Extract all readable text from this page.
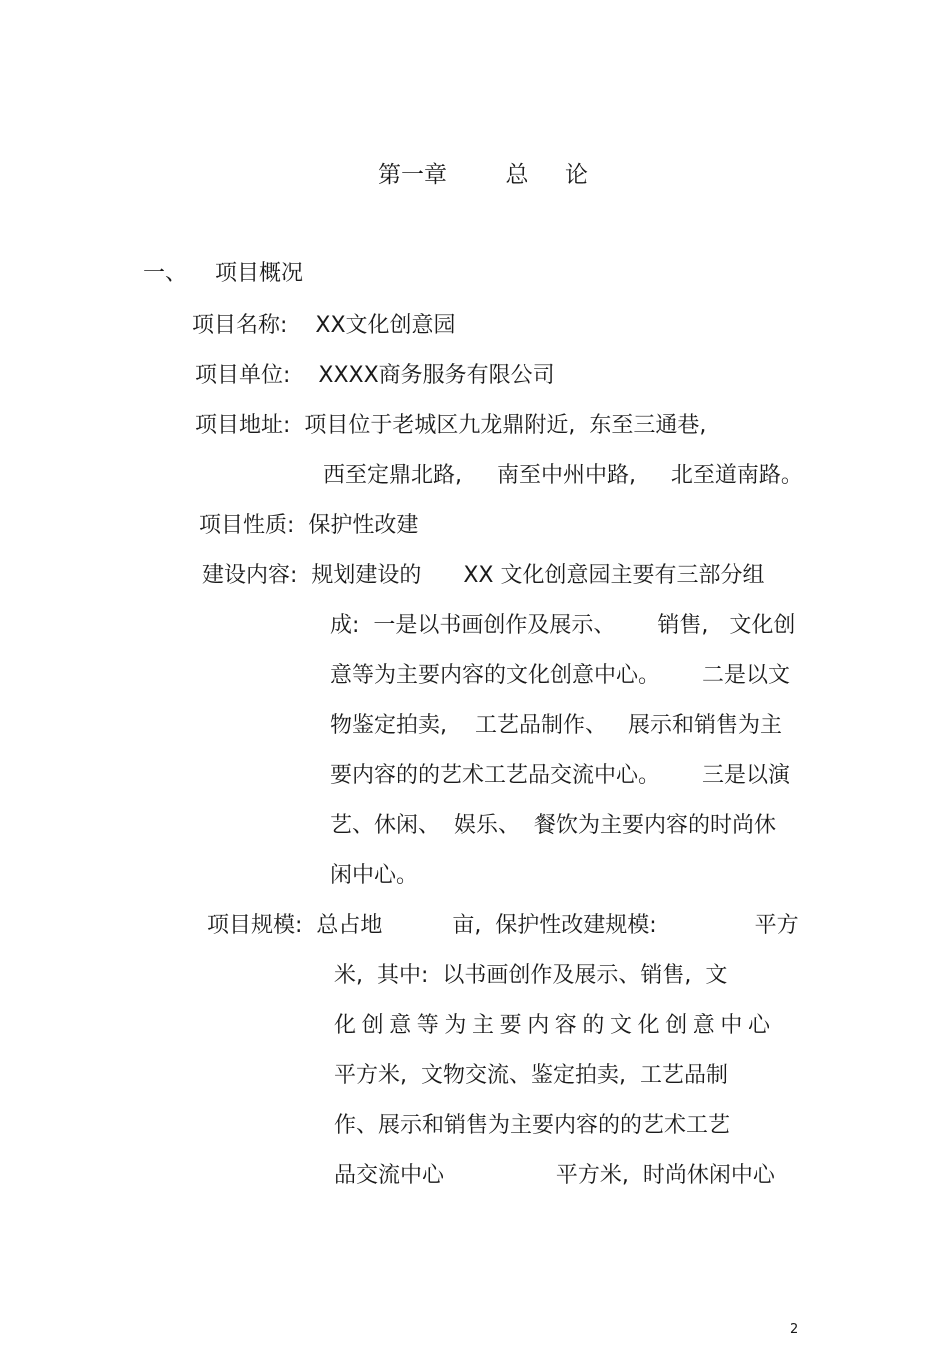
第一章        总     论
一、    项目概况
项目名称:    XX文化创意园
项目单位:    XXXX商务服务有限公司
项目地址:  项目位于老城区九龙鼎附近,  东至三通巷,
西至定鼎北路,     南至中州中路,     北至道南路。
项目性质:  保护性改建
建设内容:  规划建设的      XX 文化创意园主要有三部分组
成:  一是以书画创作及展示、      销售,   文化创
意等为主要内容的文化创意中心。      二是以文
物鉴定拍卖,    工艺品制作、   展示和销售为主
要内容的的艺术工艺品交流中心。      三是以演
艺、休闲、  娱乐、  餐饮为主要内容的时尚休
闲中心。
项目规模:  总占地          亩,  保护性改建规模:              平方
米,  其中:  以书画创作及展示、销售,  文
化创意等为主要内容的文化创意中心
平方米,  文物交流、鉴定拍卖,  工艺品制
作、展示和销售为主要内容的的艺术工艺
品交流中心                平方米,  时尚休闲中心
2
